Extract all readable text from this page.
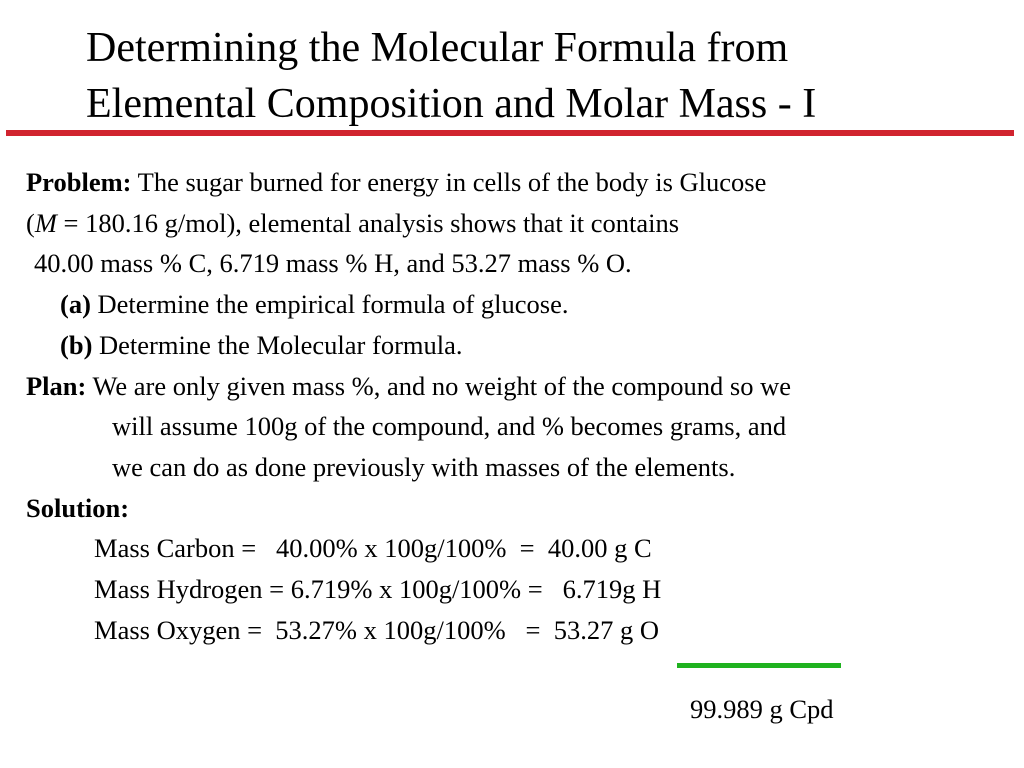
Determining the Molecular Formula from
Elemental Composition and Molar Mass - I
Problem: The sugar burned for energy in cells of the body is Glucose
(M = 180.16 g/mol), elemental analysis shows that it contains
40.00 mass % C, 6.719 mass % H, and 53.27 mass % O.
(a) Determine the empirical formula of glucose.
(b) Determine the Molecular formula.
Plan: We are only given mass %, and no weight of the compound so we
will assume 100g of the compound, and % becomes grams, and
we can do as done previously with masses of the elements.
Solution:
Mass Carbon =   40.00% x 100g/100%  =  40.00 g C
Mass Hydrogen = 6.719% x 100g/100% =   6.719g H
Mass Oxygen =  53.27% x 100g/100%   =  53.27 g O
99.989 g Cpd
